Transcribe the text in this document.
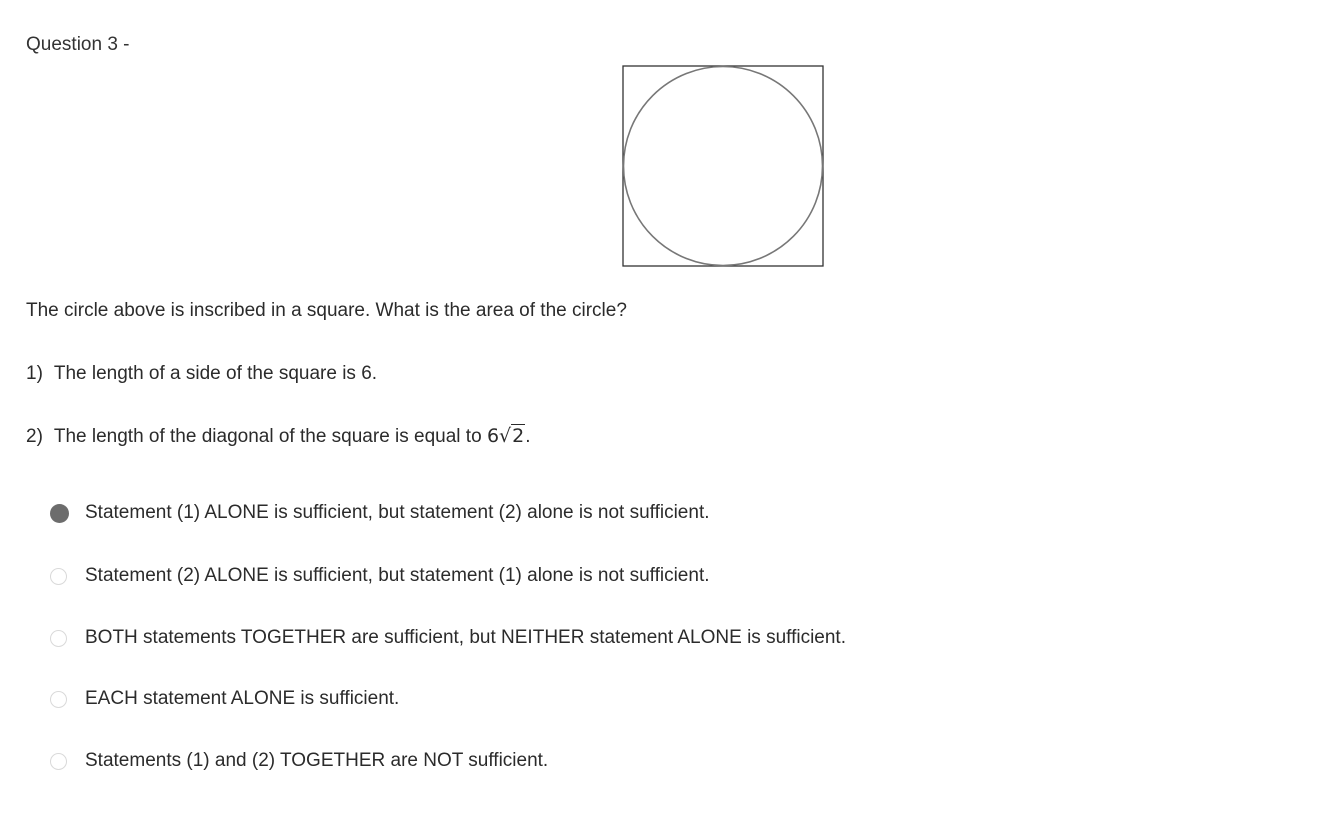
Question 3 -

The circle above is inscribed in a square. What is the area of the circle?

1) The length of a side of the square is 6.

2) The length of the diagonal of the square is equal to 6√2.

Statement (1) ALONE is sufficient, but statement (2) alone is not sufficient.
Statement (2) ALONE is sufficient, but statement (1) alone is not sufficient.
BOTH statements TOGETHER are sufficient, but NEITHER statement ALONE is sufficient.
EACH statement ALONE is sufficient.
Statements (1) and (2) TOGETHER are NOT sufficient.
